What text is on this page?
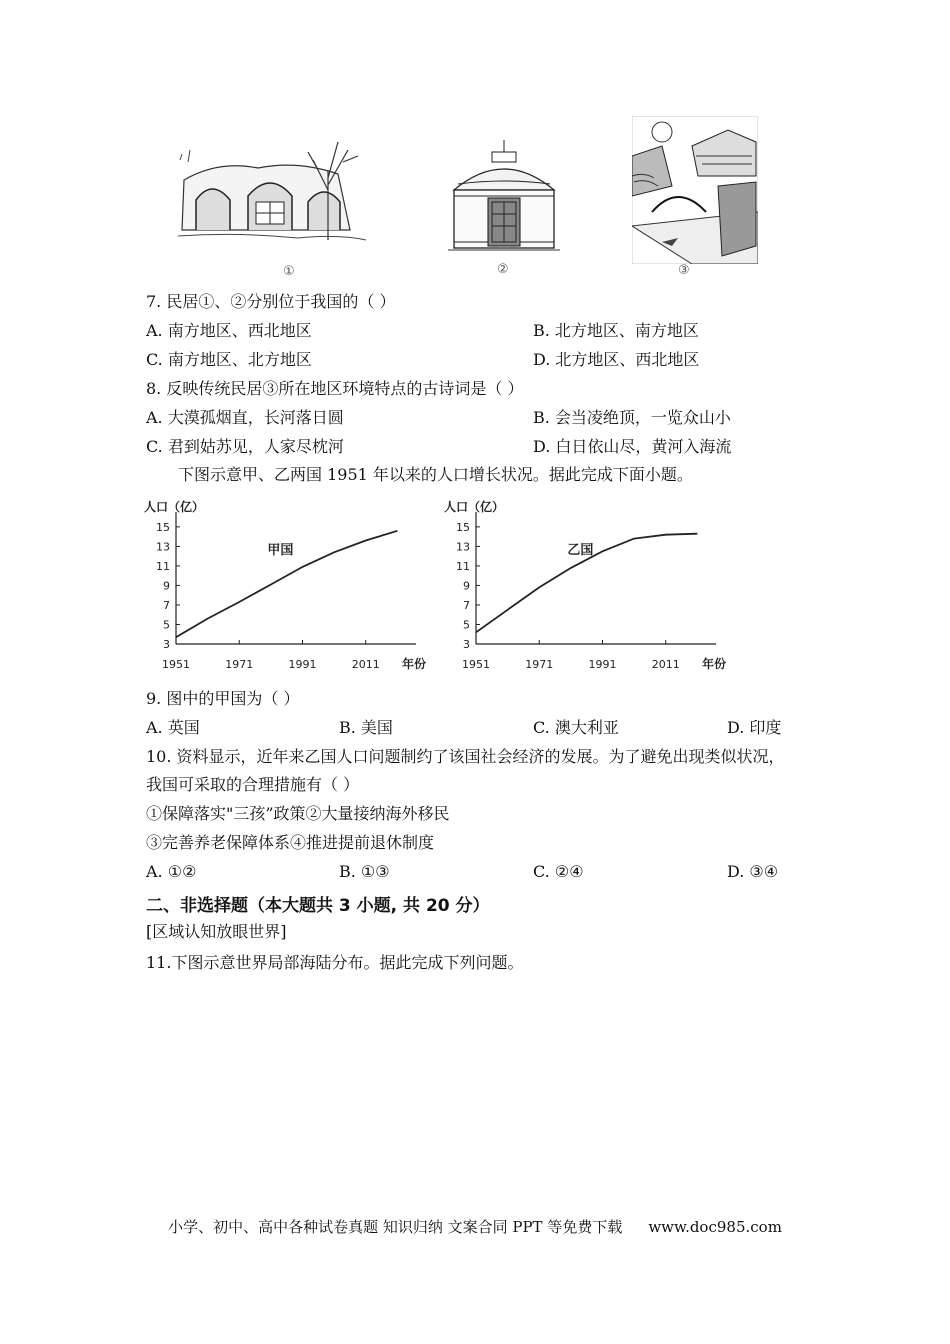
①	②	③
7. 民居①、②分别位于我国的（ ）
A. 南方地区、西北地区	B. 北方地区、南方地区
C. 南方地区、北方地区	D. 北方地区、西北地区
8. 反映传统民居③所在地区环境特点的古诗词是（ ）
A. 大漠孤烟直，长河落日圆	B. 会当凌绝顶，一览众山小
C. 君到姑苏见，人家尽枕河	D. 白日依山尽，黄河入海流
下图示意甲、乙两国 1951 年以来的人口增长状况。据此完成下面小题。
人口（亿）
年份
3
5
7
9
11
13
15
1951	1971	1991	2011
甲国
人口（亿）
年份
3
5
7
9
11
13
15
1951	1971	1991	2011
乙国
9. 图中的甲国为（ ）
A. 英国	B. 美国	C. 澳大利亚	D. 印度
10. 资料显示，近年来乙国人口问题制约了该国社会经济的发展。为了避免出现类似状况，
我国可采取的合理措施有（ ）
①保障落实"三孩”政策②大量接纳海外移民
③完善养老保障体系④推进提前退休制度
A. ①②	B. ①③	C. ②④	D. ③④
二、非选择题（本大题共 3 小题, 共 20 分）
[区域认知放眼世界]
11.下图示意世界局部海陆分布。据此完成下列问题。
小学、初中、高中各种试卷真题 知识归纳 文案合同 PPT 等免费下载 www.doc985.com
